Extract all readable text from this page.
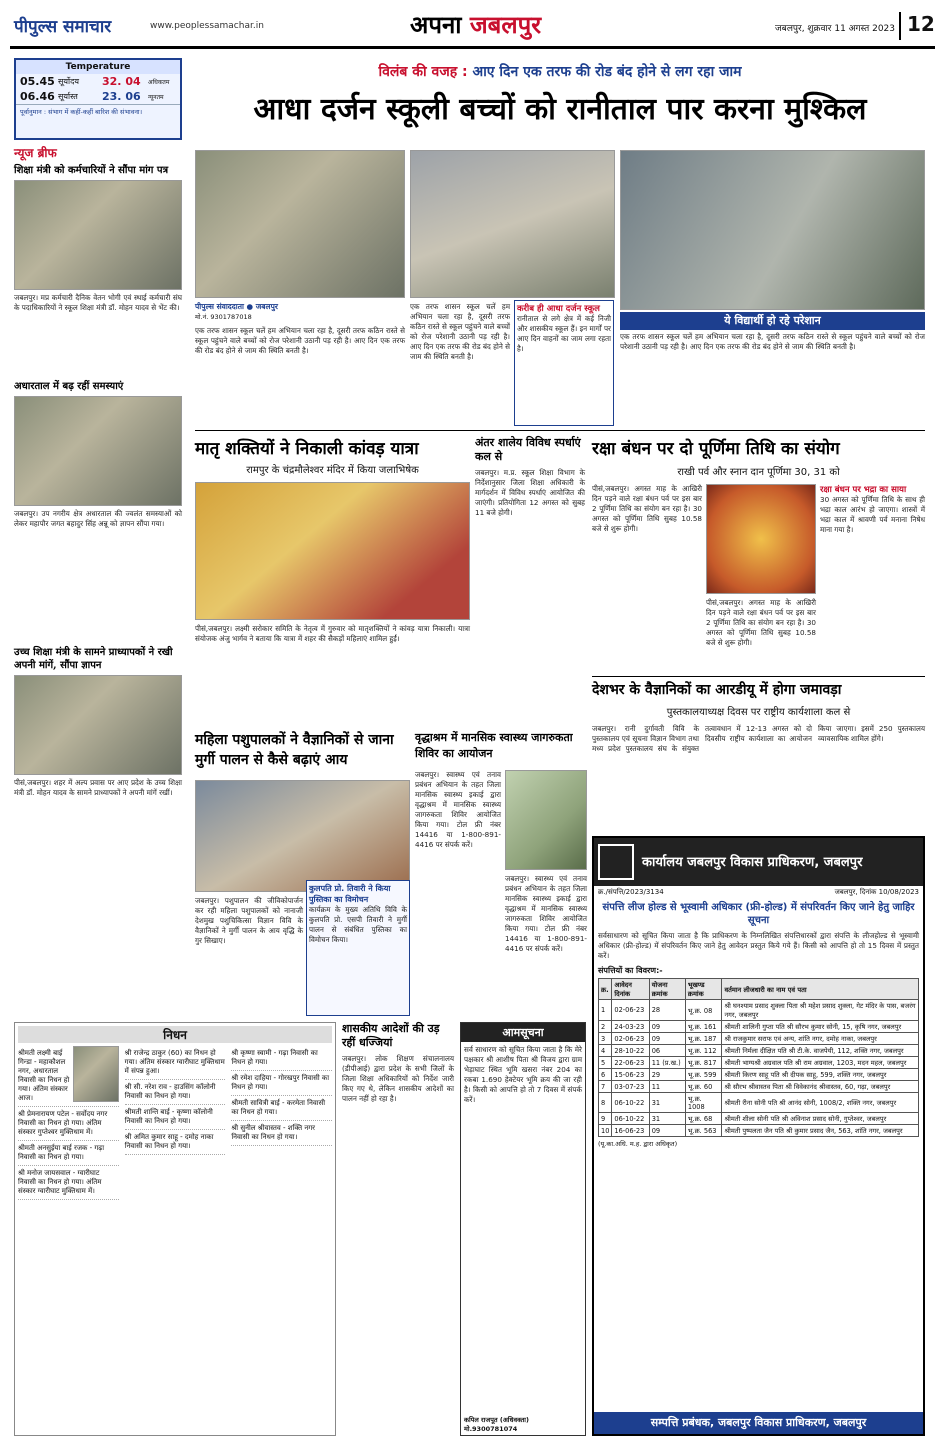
पीपुल्स समाचार	www.peoplessamachar.in	अपना जबलपुर	जबलपुर, शुक्रवार 11 अगस्त 2023 12
Temperature
05.45 सूर्योदय	32. 04	अधिकतम
06.46 सूर्यास्त	23. 06	न्यूनतम
पूर्वानुमान : संभाग में कहीं-कहीं बारिश की संभावना।
विलंब की वजह : आए दिन एक तरफ की रोड बंद होने से लग रहा जाम
आधा दर्जन स्कूली बच्चों को रानीताल पार करना मुश्किल
पीपुल्स संवाददाता ● जबलपुर
मो.नं. 9301787018
एक तरफ शासन स्कूल चलें हम अभियान चला रहा है, दूसरी तरफ कठिन रास्ते से स्कूल पहुंचने वाले बच्चों को रोज परेशानी उठानी पड़ रही है। आए दिन एक तरफ की रोड बंद होने से जाम की स्थिति बनती है।
एक तरफ शासन स्कूल चलें हम अभियान चला रहा है, दूसरी तरफ कठिन रास्ते से स्कूल पहुंचने वाले बच्चों को रोज परेशानी उठानी पड़ रही है। आए दिन एक तरफ की रोड बंद होने से जाम की स्थिति बनती है।
करीब ही आधा दर्जन स्कूल
रानीताल से लगे क्षेत्र में कई निजी और शासकीय स्कूल हैं। इन मार्गों पर आए दिन वाहनों का जाम लगा रहता है।
ये विद्यार्थी हो रहे परेशान
एक तरफ शासन स्कूल चलें हम अभियान चला रहा है, दूसरी तरफ कठिन रास्ते से स्कूल पहुंचने वाले बच्चों को रोज परेशानी उठानी पड़ रही है। आए दिन एक तरफ की रोड बंद होने से जाम की स्थिति बनती है।
न्यूज ब्रीफ
शिक्षा मंत्री को कर्मचारियों ने सौंपा मांग पत्र
जबलपुर। मप्र कर्मचारी दैनिक वेतन भोगी एवं स्थाई कर्मचारी संघ के पदाधिकारियों ने स्कूल शिक्षा मंत्री डॉ. मोहन यादव से भेंट की।
अधारताल में बढ़ रहीं समस्याएं
जबलपुर। उप नगरीय क्षेत्र अधारताल की ज्वलंत समस्याओं को लेकर महापौर जगत बहादुर सिंह अन्नू को ज्ञापन सौंपा गया।
उच्च शिक्षा मंत्री के सामने प्राध्यापकों ने रखी अपनी मांगें, सौंपा ज्ञापन
पीसं,जबलपुर। शहर में अल्प प्रवास पर आए प्रदेश के उच्च शिक्षा मंत्री डॉ. मोहन यादव के सामने प्राध्यापकों ने अपनी मांगें रखीं।
मातृ शक्तियों ने निकाली कांवड़ यात्रा
रामपुर के चंद्रमौलेश्वर मंदिर में किया जलाभिषेक
पीसं,जबलपुर। लक्ष्मी सरोकार समिति के नेतृत्व में गुरुवार को मातृशक्तियों ने कांवड़ यात्रा निकाली। यात्रा संयोजक अंजु भार्गव ने बताया कि यात्रा में शहर की सैकड़ों महिलाएं शामिल हुईं।
अंतर शालेय विविध स्पर्धाएं कल से
जबलपुर। म.प्र. स्कूल शिक्षा विभाग के निर्देशानुसार जिला शिक्षा अधिकारी के मार्गदर्शन में विविध स्पर्धाएं आयोजित की जाएंगी। प्रतियोगिता 12 अगस्त को सुबह 11 बजे होगी।
रक्षा बंधन पर दो पूर्णिमा तिथि का संयोग
राखी पर्व और स्नान दान पूर्णिमा 30, 31 को
पीसं,जबलपुर। अगस्त माह के आखिरी दिन पड़ने वाले रक्षा बंधन पर्व पर इस बार 2 पूर्णिमा तिथि का संयोग बन रहा है। 30 अगस्त को पूर्णिमा तिथि सुबह 10.58 बजे से शुरू होगी।
पीसं,जबलपुर। अगस्त माह के आखिरी दिन पड़ने वाले रक्षा बंधन पर्व पर इस बार 2 पूर्णिमा तिथि का संयोग बन रहा है। 30 अगस्त को पूर्णिमा तिथि सुबह 10.58 बजे से शुरू होगी।
रक्षा बंधन पर भद्रा का साया
30 अगस्त को पूर्णिमा तिथि के साथ ही भद्रा काल आरंभ हो जाएगा। शास्त्रों में भद्रा काल में श्रावणी पर्व मनाना निषेध माना गया है।
देशभर के वैज्ञानिकों का आरडीयू में होगा जमावड़ा
पुस्तकालयाध्यक्ष दिवस पर राष्ट्रीय कार्यशाला कल से
जबलपुर। रानी दुर्गावती विवि के पुस्तकालय एवं सूचना विज्ञान विभाग तथा मध्य प्रदेश पुस्तकालय संघ के संयुक्त तत्वावधान में 12-13 अगस्त को दो दिवसीय राष्ट्रीय कार्यशाला का आयोजन किया जाएगा। इसमें 250 पुस्तकालय व्यावसायिक शामिल होंगे।
महिला पशुपालकों ने वैज्ञानिकों से जाना मुर्गी पालन से कैसे बढ़ाएं आय
जबलपुर। पशुपालन की जीविकोपार्जन कर रही महिला पशुपालकों को नानाजी देशमुख पशुचिकित्सा विज्ञान विवि के वैज्ञानिकों ने मुर्गी पालन के आय वृद्धि के गुर सिखाए।
कुलपति प्रो. तिवारी ने किया पुस्तिका का विमोचन
कार्यक्रम के मुख्य अतिथि विवि के कुलपति प्रो. एसपी तिवारी ने मुर्गी पालन से संबंधित पुस्तिका का विमोचन किया।
वृद्धाश्रम में मानसिक स्वास्थ्य जागरुकता शिविर का आयोजन
जबलपुर। स्वास्थ्य एवं तनाव प्रबंधन अभियान के तहत जिला मानसिक स्वास्थ्य इकाई द्वारा वृद्धाश्रम में मानसिक स्वास्थ्य जागरुकता शिविर आयोजित किया गया। टोल फ्री नंबर 14416 या 1-800-891-4416 पर संपर्क करें।
जबलपुर। स्वास्थ्य एवं तनाव प्रबंधन अभियान के तहत जिला मानसिक स्वास्थ्य इकाई द्वारा वृद्धाश्रम में मानसिक स्वास्थ्य जागरुकता शिविर आयोजित किया गया। टोल फ्री नंबर 14416 या 1-800-891-4416 पर संपर्क करें।
कार्यालय जबलपुर विकास प्राधिकरण, जबलपुर
क्र./संपत्ति/2023/3134	जबलपुर, दिनांक 10/08/2023
संपत्ति लीज होल्ड से भूस्वामी अधिकार (फ्री-होल्ड) में संपरिवर्तन किए जाने हेतु जाहिर सूचना
सर्वसाधारण को सूचित किया जाता है कि प्राधिकरण के निम्नलिखित संपत्तिधारकों द्वारा संपत्ति के लीजहोल्ड से भूस्वामी अधिकार (फ्री-होल्ड) में संपरिवर्तन किए जाने हेतु आवेदन प्रस्तुत किये गये हैं। किसी को आपत्ति हो तो 15 दिवस में प्रस्तुत करें।
संपत्तियों का विवरण:-
क्र.	आवेदन दिनांक	योजना क्रमांक	भूखण्ड क्रमांक	वर्तमान लीजधारी का नाम एवं पता
1	02-06-23	28	भू.क्र. 08	श्री घनश्याम प्रसाद शुक्ला पिता श्री महेश प्रसाद शुक्ला, गेट मंदिर के पास, बजरंग नगर, जबलपुर
2	24-03-23	09	भू.क्र. 161	श्रीमती शालिनी गुप्ता पति श्री सौरभ कुमार सोनी, 15, कृषि नगर, जबलपुर
3	02-06-23	09	भू.क्र. 187	श्री राजकुमार सराफ एवं अन्य, शांति नगर, दमोह नाका, जबलपुर
4	28-10-22	06	भू.क्र. 112	श्रीमती निर्मला दीक्षित पति श्री टी.के. वाजपेयी, 112, शक्ति नगर, जबलपुर
5	22-06-23	11 (प्र.ख.)	भू.क्र. 817	श्रीमती भाग्यश्री अग्रवाल पति श्री राम अग्रवाल, 1203, मदन महल, जबलपुर
6	15-06-23	29	भू.क्र. 599	श्रीमती किरण साहू पति श्री दीपक साहू, 599, शक्ति नगर, जबलपुर
7	03-07-23	11	भू.क्र. 60	श्री सौरभ श्रीवास्तव पिता श्री विवेकानंद श्रीवास्तव, 60, गढ़ा, जबलपुर
8	06-10-22	31	भू.क्र. 1008	श्रीमती रीना सोनी पति श्री आनंद सोनी, 1008/2, शक्ति नगर, जबलपुर
9	06-10-22	31	भू.क्र. 68	श्रीमती शीला सोनी पति श्री अविनाश प्रसाद सोनी, गुप्तेश्वर, जबलपुर
10	16-06-23	09	भू.क्र. 563	श्रीमती पुष्पलता जैन पति श्री कुमार प्रसाद जैन, 563, शांति नगर, जबलपुर
(यू.का.अधि. म.ह. द्वारा अधिकृत)
सम्पत्ति प्रबंधक, जबलपुर विकास प्राधिकरण, जबलपुर
निधन
श्रीमती लक्ष्मी बाई गिन्डा - महाकौशल नगर, अधारताल निवासी का निधन हो गया। अंतिम संस्कार आज।
श्री प्रेमनारायण पटेल - सर्वोदय नगर निवासी का निधन हो गया। अंतिम संस्कार गुप्तेश्वर मुक्तिधाम में।
श्रीमती अनसुईया बाई रजक - गढ़ा निवासी का निधन हो गया।
श्री मनोज जायसवाल - ग्वारीघाट निवासी का निधन हो गया। अंतिम संस्कार ग्वारीघाट मुक्तिधाम में।
श्री राजेन्द्र ठाकुर (60) का निधन हो गया। अंतिम संस्कार ग्वारीघाट मुक्तिधाम में संपन्न हुआ।
श्री सी. नरेश राव - हाउसिंग कॉलोनी निवासी का निधन हो गया।
श्रीमती शान्ति बाई - कृष्णा कॉलोनी निवासी का निधन हो गया।
श्री अमित कुमार साहू - दमोह नाका निवासी का निधन हो गया।
श्री कृष्णा स्वामी - गढ़ा निवासी का निधन हो गया।
श्री रमेश दाहिया - गोरखपुर निवासी का निधन हो गया।
श्रीमती सावित्री बाई - करमेता निवासी का निधन हो गया।
श्री सुनील श्रीवास्तव - शक्ति नगर निवासी का निधन हो गया।
शासकीय आदेशों की उड़ रहीं धज्जियां
जबलपुर। लोक शिक्षण संचालनालय (डीपीआई) द्वारा प्रदेश के सभी जिलों के जिला शिक्षा अधिकारियों को निर्देश जारी किए गए थे, लेकिन शासकीय आदेशों का पालन नहीं हो रहा है।
आमसूचना
सर्व साधारण को सूचित किया जाता है कि मेरे पक्षकार श्री आशीष पिता श्री विजय द्वारा ग्राम भेड़ाघाट स्थित भूमि खसरा नंबर 204 का रकबा 1.690 हेक्टेयर भूमि क्रय की जा रही है। किसी को आपत्ति हो तो 7 दिवस में संपर्क करें।
कपिल राजपूत (अधिवक्ता) मो.9300781074
